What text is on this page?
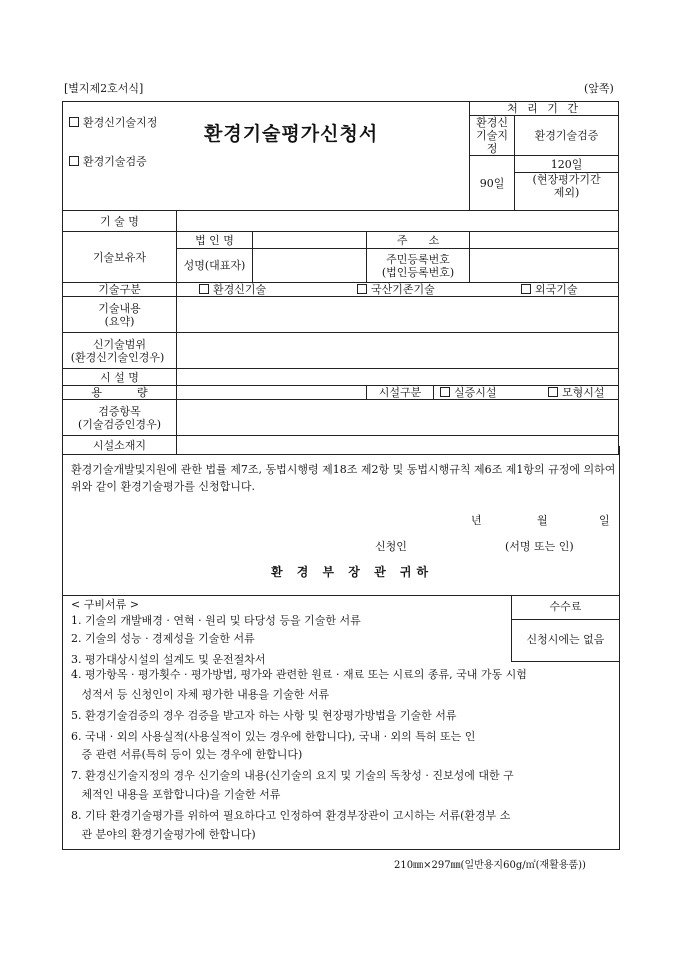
[별지제2호서식]	(앞쪽)
환경신기술지정
환경기술평가신청서
환경기술검증					처 리 기 간	
					환경신기술지정	환경기술검증
					90일	120일

						(현장평가기간
제외)

기 술 명						
기술보유자	법 인 명		주      소			
	성명(대표자)		주민등록번호
(법인등록번호)			

기술구분	환경신기술 국산기존기술 외국기술					

기술내용
(요약)						

신기술범위
(환경신기술인경우)						

시 설 명						
용          량			시설구분	실증시설 모형시설		

검증항목
(기술검증인경우)						

시설소재지						
환경기술개발및지원에 관한 법률 제7조, 동법시행령 제18조 제2항 및 동법시행규칙 제6조 제1항의 규정에 의하여 위와 같이 환경기술평가를 신청합니다.
년	월	일
신청인	(서명 또는 인)
환 경 부 장 관 귀하
< 구비서류 >	수수료
신청시에는 없음
1. 기술의 개발배경 · 연혁 · 원리 및 타당성 등을 기술한 서류
2. 기술의 성능 · 경제성을 기술한 서류
3. 평가대상시설의 설계도 및 운전절차서
4. 평가항목 · 평가횟수 · 평가방법, 평가와 관련한 원료 · 재료 또는 시료의 종류, 국내 가동 시험
성적서 등 신청인이 자체 평가한 내용을 기술한 서류
5. 환경기술검증의 경우 검증을 받고자 하는 사항 및 현장평가방법을 기술한 서류
6. 국내 · 외의 사용실적(사용실적이 있는 경우에 한합니다), 국내 · 외의 특허 또는 인
증 관련 서류(특허 등이 있는 경우에 한합니다)
7. 환경신기술지정의 경우 신기술의 내용(신기술의 요지 및 기술의 독창성 · 진보성에 대한 구
체적인 내용을 포함합니다)을 기술한 서류
8. 기타 환경기술평가를 위하여 필요하다고 인정하여 환경부장관이 고시하는 서류(환경부 소
관 분야의 환경기술평가에 한합니다)
210㎜×297㎜(일반용지60g/㎡(재활용품))
